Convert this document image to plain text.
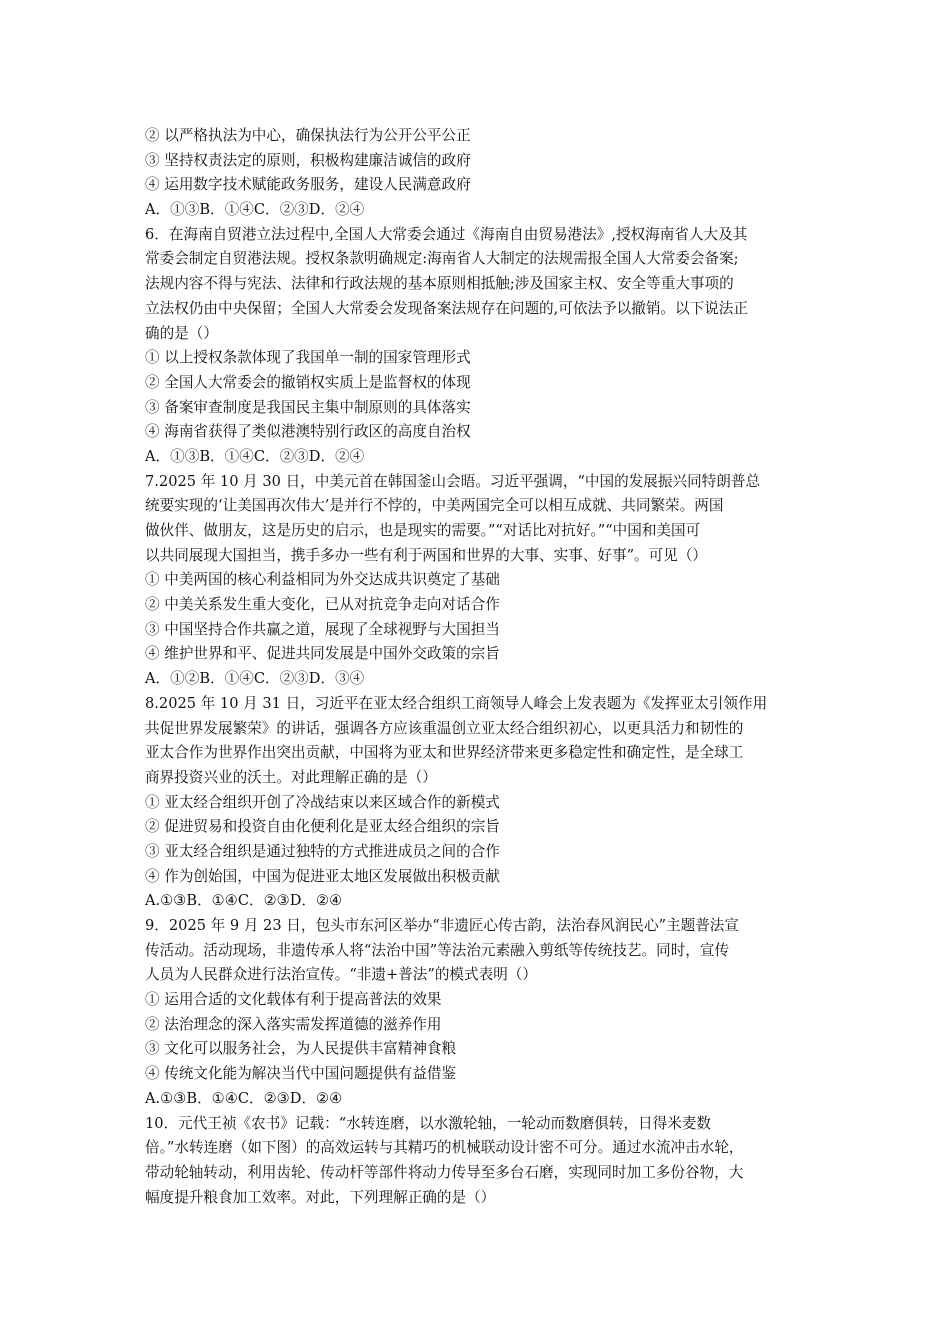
② 以严格执法为中心，确保执法行为公开公平公正
③ 坚持权责法定的原则，积极构建廉洁诚信的政府
④ 运用数字技术赋能政务服务，建设人民满意政府
A．①③B．①④C．②③D．②④
6．在海南自贸港立法过程中,全国人大常委会通过《海南自由贸易港法》,授权海南省人大及其
常委会制定自贸港法规。授权条款明确规定:海南省人大制定的法规需报全国人大常委会备案;
法规内容不得与宪法、法律和行政法规的基本原则相抵触;涉及国家主权、安全等重大事项的
立法权仍由中央保留；全国人大常委会发现备案法规存在问题的,可依法予以撤销。以下说法正
确的是（）
① 以上授权条款体现了我国单一制的国家管理形式
② 全国人大常委会的撤销权实质上是监督权的体现
③ 备案审查制度是我国民主集中制原则的具体落实
④ 海南省获得了类似港澳特别行政区的高度自治权
A．①③B．①④C．②③D．②④
7.2025 年 10 月 30 日，中美元首在韩国釜山会晤。习近平强调，“中国的发展振兴同特朗普总
统要实现的‘让美国再次伟大’是并行不悖的，中美两国完全可以相互成就、共同繁荣。两国
做伙伴、做朋友，这是历史的启示，也是现实的需要。”“对话比对抗好。”“中国和美国可
以共同展现大国担当，携手多办一些有利于两国和世界的大事、实事、好事”。可见（）
① 中美两国的核心利益相同为外交达成共识奠定了基础
② 中美关系发生重大变化，已从对抗竞争走向对话合作
③ 中国坚持合作共赢之道，展现了全球视野与大国担当
④ 维护世界和平、促进共同发展是中国外交政策的宗旨
A．①②B．①④C．②③D．③④
8.2025 年 10 月 31 日，习近平在亚太经合组织工商领导人峰会上发表题为《发挥亚太引领作用
共促世界发展繁荣》的讲话，强调各方应该重温创立亚太经合组织初心，以更具活力和韧性的
亚太合作为世界作出突出贡献，中国将为亚太和世界经济带来更多稳定性和确定性，是全球工
商界投资兴业的沃土。对此理解正确的是（）
① 亚太经合组织开创了冷战结束以来区域合作的新模式
② 促进贸易和投资自由化便利化是亚太经合组织的宗旨
③ 亚太经合组织是通过独特的方式推进成员之间的合作
④ 作为创始国，中国为促进亚太地区发展做出积极贡献
A.①③B．①④C．②③D．②④
9．2025 年 9 月 23 日，包头市东河区举办“非遗匠心传古韵，法治春风润民心”主题普法宣
传活动。活动现场，非遗传承人将“法治中国”等法治元素融入剪纸等传统技艺。同时，宣传
人员为人民群众进行法治宣传。“非遗+普法”的模式表明（）
① 运用合适的文化载体有利于提高普法的效果
② 法治理念的深入落实需发挥道德的滋养作用
③ 文化可以服务社会，为人民提供丰富精神食粮
④ 传统文化能为解决当代中国问题提供有益借鉴
A.①③B．①④C．②③D．②④
10．元代王祯《农书》记载：“水转连磨，以水激轮轴，一轮动而数磨俱转，日得米麦数
倍。”水转连磨（如下图）的高效运转与其精巧的机械联动设计密不可分。通过水流冲击水轮，
带动轮轴转动，利用齿轮、传动杆等部件将动力传导至多台石磨，实现同时加工多份谷物，大
幅度提升粮食加工效率。对此，下列理解正确的是（）
